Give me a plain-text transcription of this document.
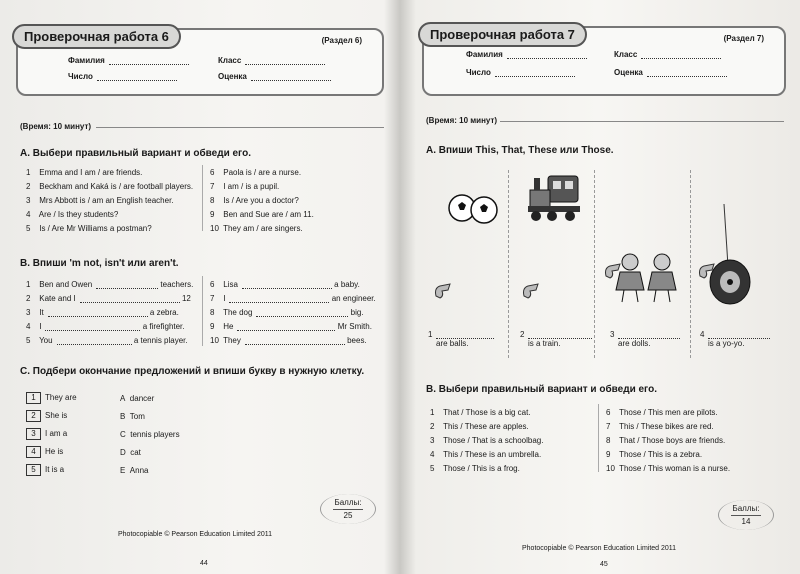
Проверочная работа 6	(Раздел 6)
Фамилия
Число
Класс
Оценка
(Время: 10 минут)
A. Выбери правильный вариант и обведи его.
1 Emma and I am / are friends.
2 Beckham and Kaká is / are football players.
3 Mrs Abbott is / am an English teacher.
4 Are / Is they students?
5 Is / Are Mr Williams a postman?
6 Paola is / are a nurse.
7 I am / is a pupil.
8 Is / Are you a doctor?
9 Ben and Sue are / am 11.
10 They am / are singers.
B. Впиши 'm not, isn't или aren't.
1 Ben and Owen	teachers.
2 Kate and I	12
3 It	a zebra.
4 I	a firefighter.
5 You	a tennis player.
6 Lisa	a baby.
7 I	an engineer.
8 The dog	big.
9 He	Mr Smith.
10 They	bees.
C. Подбери окончание предложений и впиши букву в нужную клетку.
1 They are
2 She is
3 I am a
4 He is
5 It is a
A dancer
B Tom
C tennis players
D cat
E Anna
Баллы:
25
Photocopiable © Pearson Education Limited 2011
44
Проверочная работа 7	(Раздел 7)
Фамилия
Число
Класс
Оценка
(Время: 10 минут)
A. Впиши This, That, These или Those.
1
are balls.
2
is a train.
3
are dolls.
4
is a yo-yo.
B. Выбери правильный вариант и обведи его.
1 That / Those is a big cat.
2 This / These are apples.
3 Those / That is a schoolbag.
4 This / These is an umbrella.
5 Those / This is a frog.
6 Those / This men are pilots.
7 This / These bikes are red.
8 That / Those boys are friends.
9 Those / This is a zebra.
10 Those / This woman is a nurse.
Баллы:
14
Photocopiable © Pearson Education Limited 2011
45
